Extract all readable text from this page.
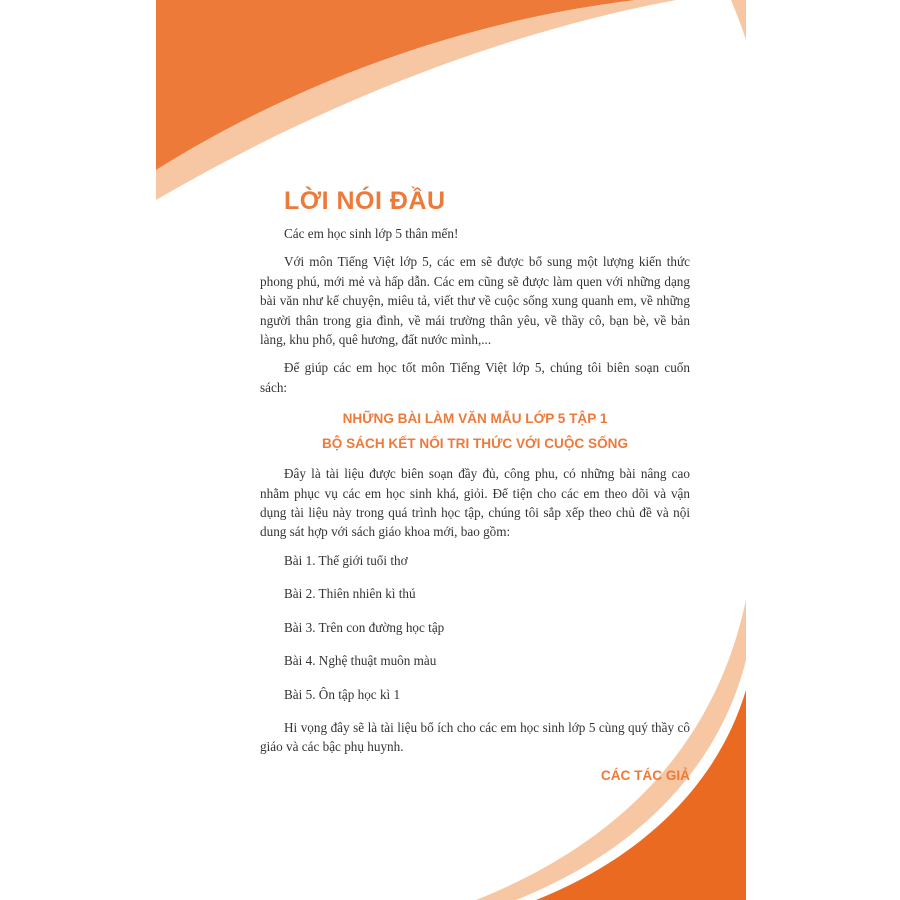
LỜI NÓI ĐẦU

Các em học sinh lớp 5 thân mến!

Với môn Tiếng Việt lớp 5, các em sẽ được bổ sung một lượng kiến thức phong phú, mới mẻ và hấp dẫn. Các em cũng sẽ được làm quen với những dạng bài văn như kể chuyện, miêu tả, viết thư về cuộc sống xung quanh em, về những người thân trong gia đình, về mái trường thân yêu, về thầy cô, bạn bè, về bản làng, khu phố, quê hương, đất nước mình,...

Để giúp các em học tốt môn Tiếng Việt lớp 5, chúng tôi biên soạn cuốn sách:

NHỮNG BÀI LÀM VĂN MẪU LỚP 5 TẬP 1

BỘ SÁCH KẾT NỐI TRI THỨC VỚI CUỘC SỐNG

Đây là tài liệu được biên soạn đầy đủ, công phu, có những bài nâng cao nhằm phục vụ các em học sinh khá, giỏi. Để tiện cho các em theo dõi và vận dụng tài liệu này trong quá trình học tập, chúng tôi sắp xếp theo chủ đề và nội dung sát hợp với sách giáo khoa mới, bao gồm:

Bài 1. Thế giới tuổi thơ
Bài 2. Thiên nhiên kì thú
Bài 3. Trên con đường học tập
Bài 4. Nghệ thuật muôn màu
Bài 5. Ôn tập học kì 1

Hi vọng đây sẽ là tài liệu bổ ích cho các em học sinh lớp 5 cùng quý thầy cô giáo và các bậc phụ huynh.

CÁC TÁC GIẢ
